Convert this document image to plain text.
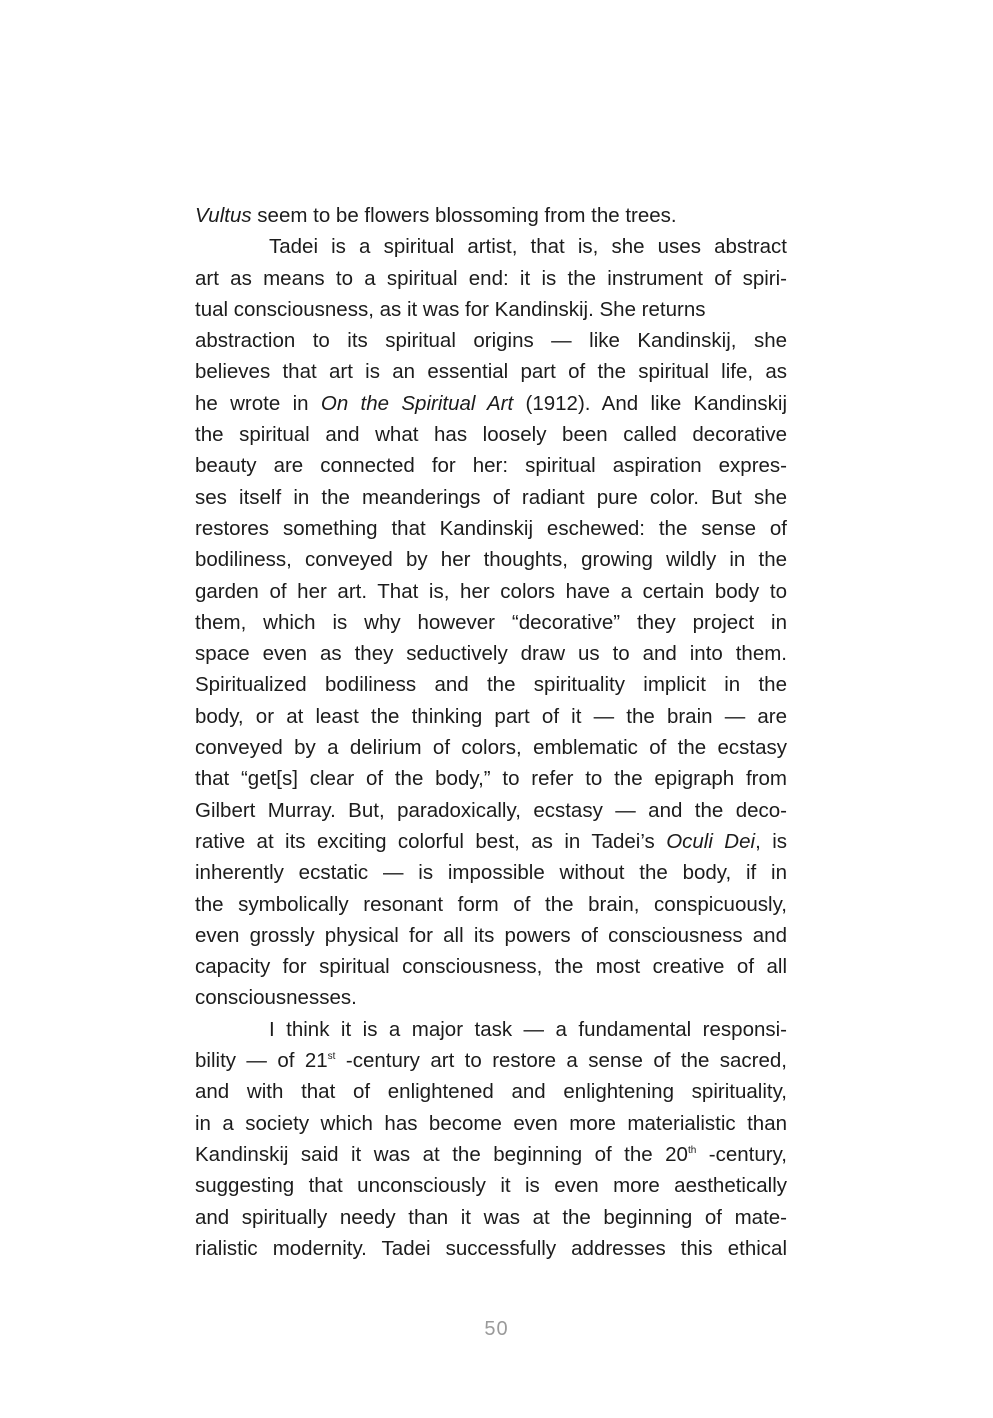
Vultus seem to be flowers blossoming from the trees.
Tadei is a spiritual artist, that is, she uses abstract
art as means to a spiritual end: it is the instrument of spiri-
tual consciousness, as it was for Kandinskij. She returns
abstraction to its spiritual origins — like Kandinskij, she
believes that art is an essential part of the spiritual life, as
he wrote in On the Spiritual Art (1912). And like Kandinskij
the spiritual and what has loosely been called decorative
beauty are connected for her: spiritual aspiration expres-
ses itself in the meanderings of radiant pure color. But she
restores something that Kandinskij eschewed: the sense of
bodiliness, conveyed by her thoughts, growing wildly in the
garden of her art. That is, her colors have a certain body to
them, which is why however “decorative” they project in
space even as they seductively draw us to and into them.
Spiritualized bodiliness and the spirituality implicit in the
body, or at least the thinking part of it — the brain — are
conveyed by a delirium of colors, emblematic of the ecstasy
that “get[s] clear of the body,” to refer to the epigraph from
Gilbert Murray. But, paradoxically, ecstasy — and the deco-
rative at its exciting colorful best, as in Tadei’s Oculi Dei, is
inherently ecstatic — is impossible without the body, if in
the symbolically resonant form of the brain, conspicuously,
even grossly physical for all its powers of consciousness and
capacity for spiritual consciousness, the most creative of all
consciousnesses.
I think it is a major task — a fundamental responsi-
bility — of 21st -century art to restore a sense of the sacred,
and with that of enlightened and enlightening spirituality,
in a society which has become even more materialistic than
Kandinskij said it was at the beginning of the 20th -century,
suggesting that unconsciously it is even more aesthetically
and spiritually needy than it was at the beginning of mate-
rialistic modernity. Tadei successfully addresses this ethical
50
